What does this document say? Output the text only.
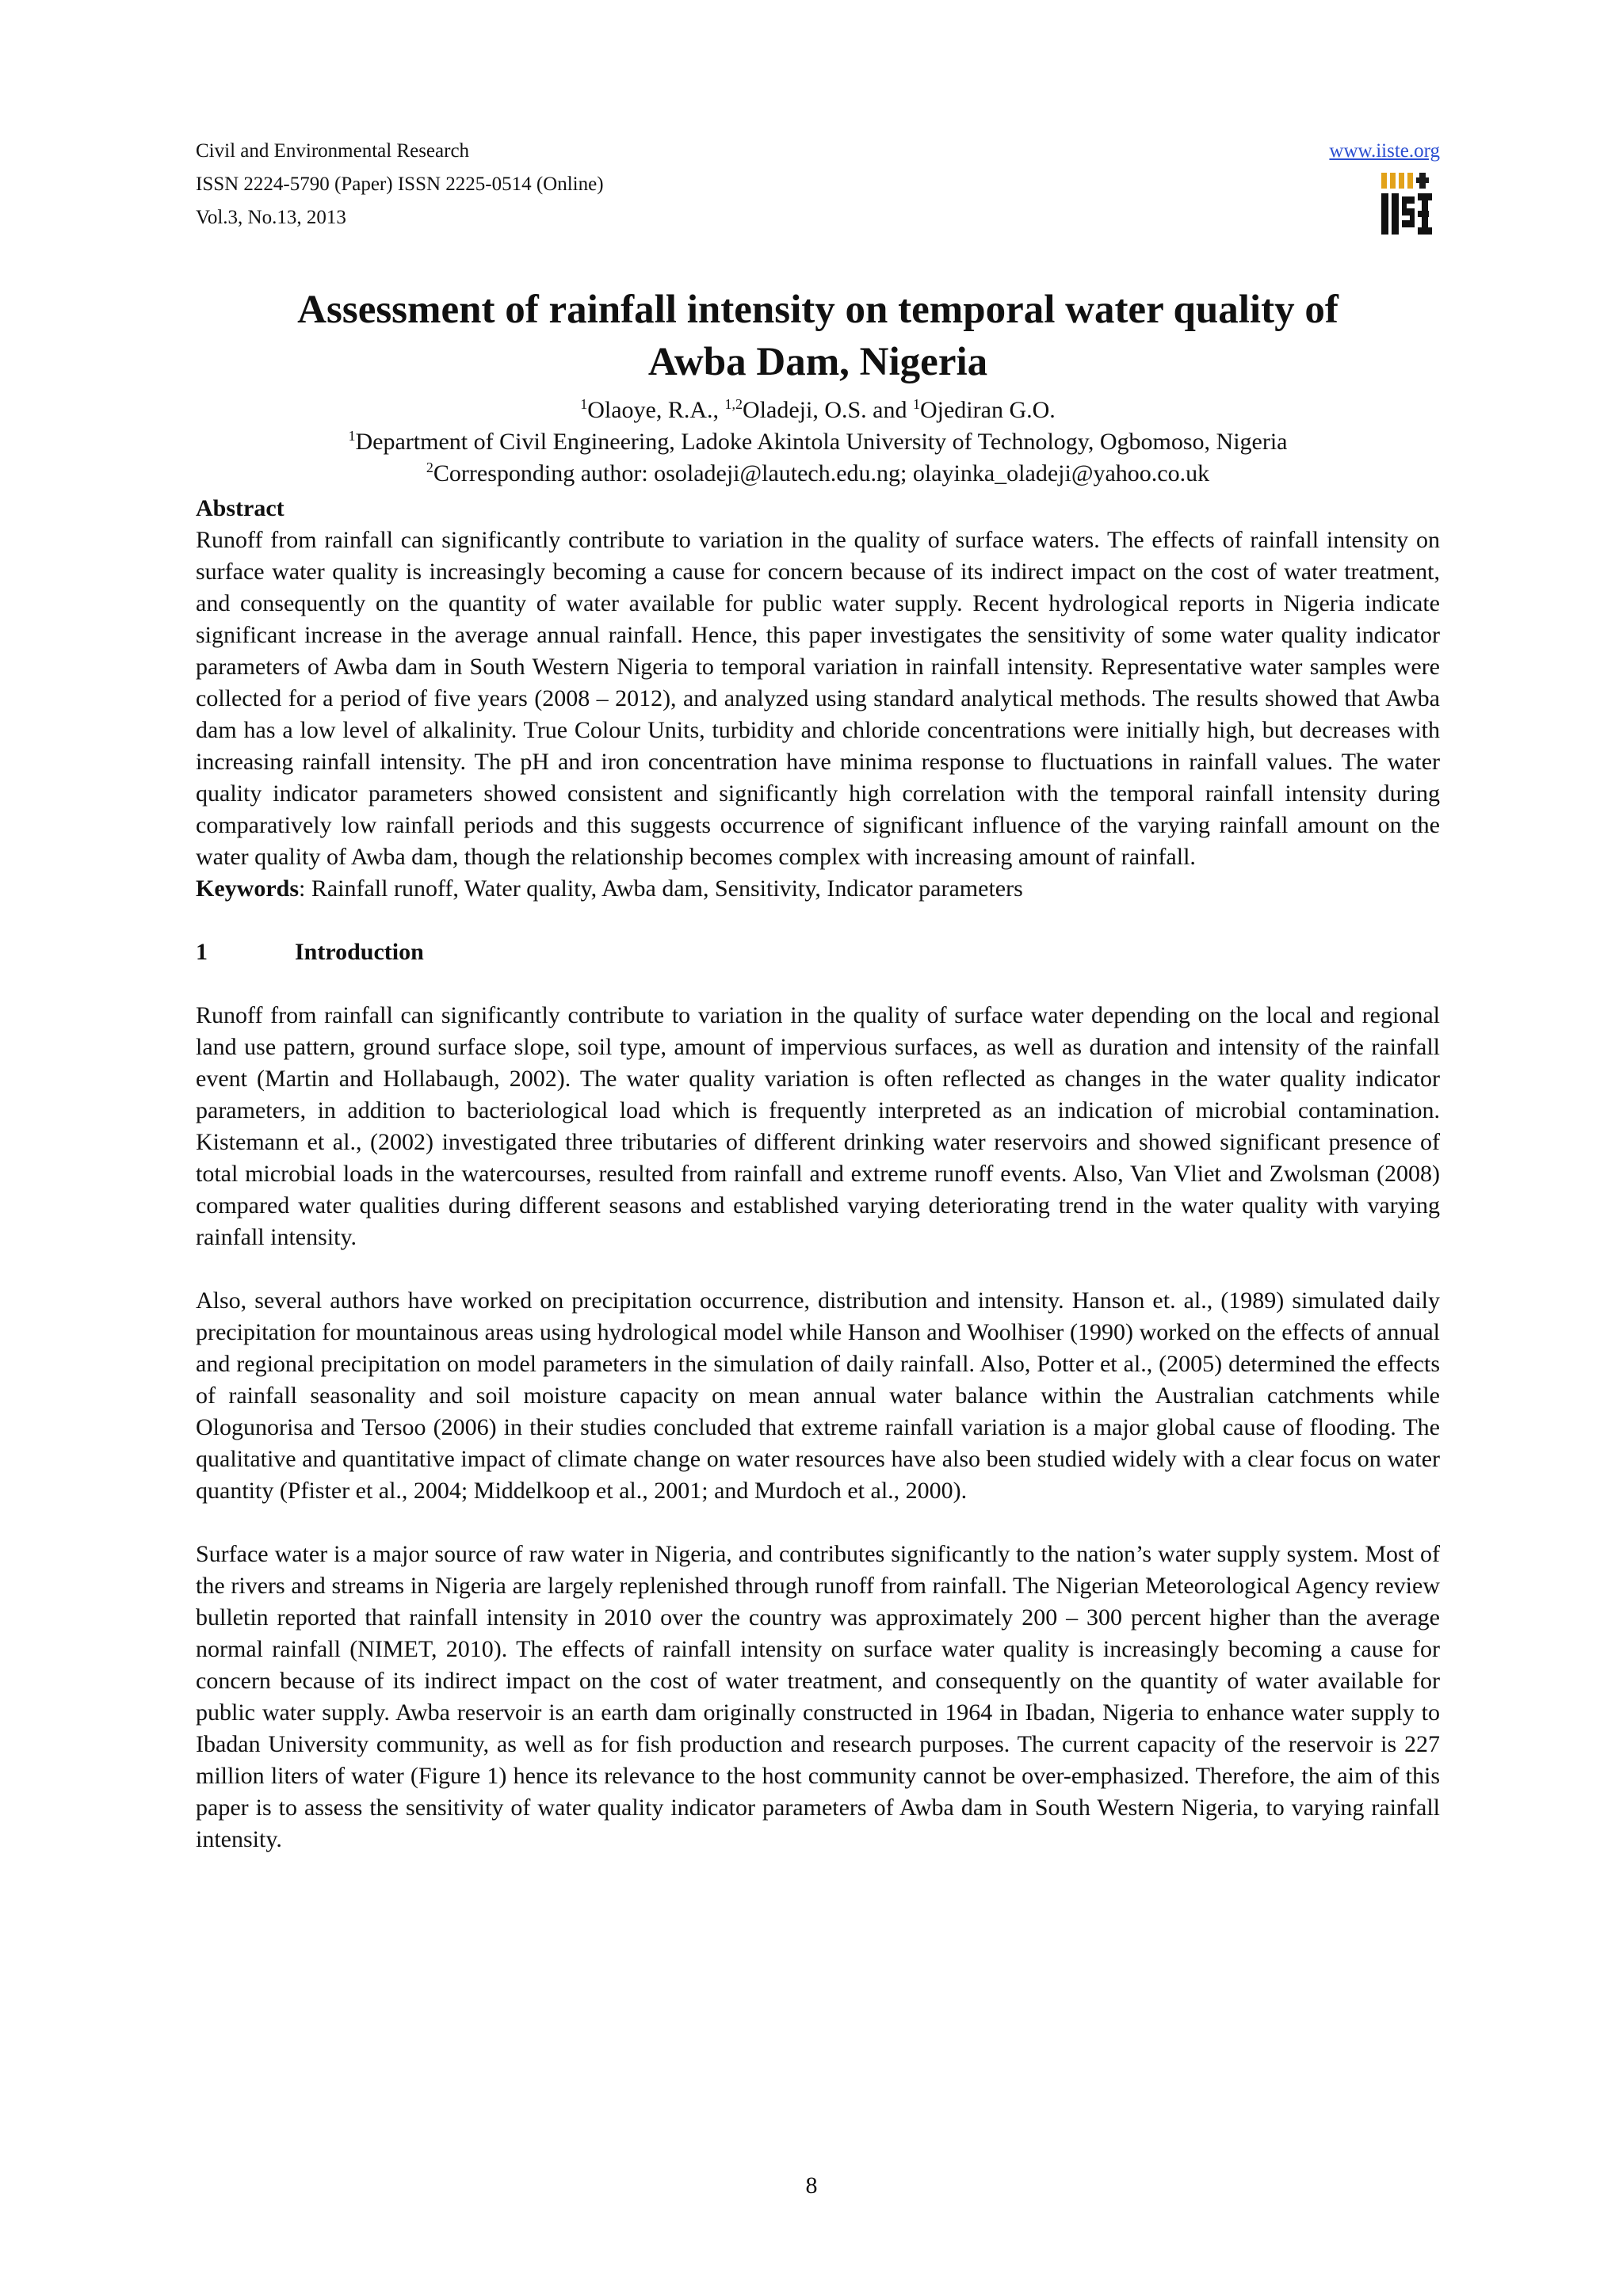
Civil and Environmental Research
ISSN 2224-5790 (Paper) ISSN 2225-0514 (Online)
Vol.3, No.13, 2013
www.iiste.org
Assessment of rainfall intensity on temporal water quality of
Awba Dam, Nigeria
$^1$Olaoye, R.A., $^{1,2}$Oladeji, O.S. and $^1$Ojediran G.O.
$^1$Department of Civil Engineering, Ladoke Akintola University of Technology, Ogbomoso, Nigeria
$^2$Corresponding author: osoladeji@lautech.edu.ng; olayinka_oladeji@yahoo.co.uk

Abstract

Runoff from rainfall can significantly contribute to variation in the quality of surface waters. The effects of rainfall intensity on surface water quality is increasingly becoming a cause for concern because of its indirect impact on the cost of water treatment, and consequently on the quantity of water available for public water supply. Recent hydrological reports in Nigeria indicate significant increase in the average annual rainfall. Hence, this paper investigates the sensitivity of some water quality indicator parameters of Awba dam in South Western Nigeria to temporal variation in rainfall intensity. Representative water samples were collected for a period of five years (2008 – 2012), and analyzed using standard analytical methods. The results showed that Awba dam has a low level of alkalinity. True Colour Units, turbidity and chloride concentrations were initially high, but decreases with increasing rainfall intensity. The pH and iron concentration have minima response to fluctuations in rainfall values. The water quality indicator parameters showed consistent and significantly high correlation with the temporal rainfall intensity during comparatively low rainfall periods and this suggests occurrence of significant influence of the varying rainfall amount on the water quality of Awba dam, though the relationship becomes complex with increasing amount of rainfall.

Keywords: Rainfall runoff, Water quality, Awba dam, Sensitivity, Indicator parameters

1	Introduction

Runoff from rainfall can significantly contribute to variation in the quality of surface water depending on the local and regional land use pattern, ground surface slope, soil type, amount of impervious surfaces, as well as duration and intensity of the rainfall event (Martin and Hollabaugh, 2002). The water quality variation is often reflected as changes in the water quality indicator parameters, in addition to bacteriological load which is frequently interpreted as an indication of microbial contamination. Kistemann et al., (2002) investigated three tributaries of different drinking water reservoirs and showed significant presence of total microbial loads in the watercourses, resulted from rainfall and extreme runoff events. Also, Van Vliet and Zwolsman (2008) compared water qualities during different seasons and established varying deteriorating trend in the water quality with varying rainfall intensity.

Also, several authors have worked on precipitation occurrence, distribution and intensity. Hanson et. al., (1989) simulated daily precipitation for mountainous areas using hydrological model while Hanson and Woolhiser (1990) worked on the effects of annual and regional precipitation on model parameters in the simulation of daily rainfall. Also, Potter et al., (2005) determined the effects of rainfall seasonality and soil moisture capacity on mean annual water balance within the Australian catchments while Ologunorisa and Tersoo (2006) in their studies concluded that extreme rainfall variation is a major global cause of flooding. The qualitative and quantitative impact of climate change on water resources have also been studied widely with a clear focus on water quantity (Pfister et al., 2004; Middelkoop et al., 2001; and Murdoch et al., 2000).

Surface water is a major source of raw water in Nigeria, and contributes significantly to the nation’s water supply system. Most of the rivers and streams in Nigeria are largely replenished through runoff from rainfall. The Nigerian Meteorological Agency review bulletin reported that rainfall intensity in 2010 over the country was approximately 200 – 300 percent higher than the average normal rainfall (NIMET, 2010). The effects of rainfall intensity on surface water quality is increasingly becoming a cause for concern because of its indirect impact on the cost of water treatment, and consequently on the quantity of water available for public water supply. Awba reservoir is an earth dam originally constructed in 1964 in Ibadan, Nigeria to enhance water supply to Ibadan University community, as well as for fish production and research purposes. The current capacity of the reservoir is 227 million liters of water (Figure 1) hence its relevance to the host community cannot be over-emphasized. Therefore, the aim of this paper is to assess the sensitivity of water quality indicator parameters of Awba dam in South Western Nigeria, to varying rainfall intensity.

8
